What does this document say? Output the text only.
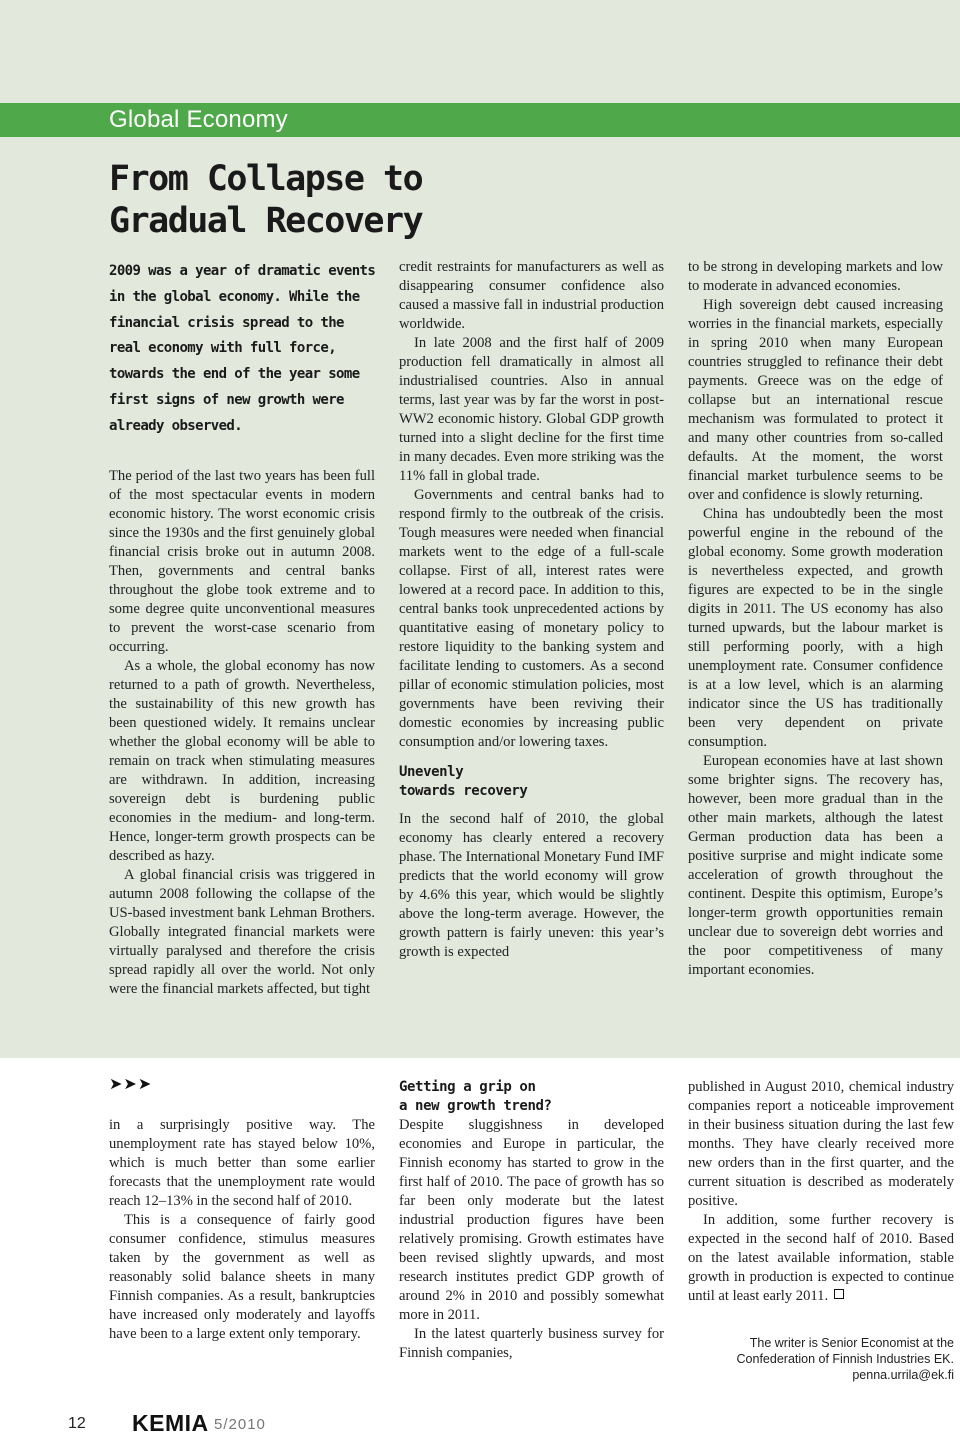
Global Economy
From Collapse to
Gradual Recovery
2009 was a year of dramatic events in the global economy. While the financial crisis spread to the real economy with full force, towards the end of the year some first signs of new growth were already observed.

The period of the last two years has been full of the most spectacular events in modern economic history. The worst economic crisis since the 1930s and the first genuinely global financial crisis broke out in autumn 2008. Then, governments and central banks throughout the globe took extreme and to some degree quite unconventional measures to prevent the worst-case scenario from occurring.

As a whole, the global economy has now returned to a path of growth. Nevertheless, the sustainability of this new growth has been questioned widely. It remains unclear whether the global economy will be able to remain on track when stimulating measures are withdrawn. In addition, increasing sovereign debt is burdening public economies in the medium- and long-term. Hence, longer-term growth prospects can be described as hazy.

A global financial crisis was triggered in autumn 2008 following the collapse of the US-based investment bank Lehman Brothers. Globally integrated financial markets were virtually paralysed and therefore the crisis spread rapidly all over the world. Not only were the financial markets affected, but tight

credit restraints for manufacturers as well as disappearing consumer confidence also caused a massive fall in industrial production worldwide.

In late 2008 and the first half of 2009 production fell dramatically in almost all industrialised countries. Also in annual terms, last year was by far the worst in post-WW2 economic history. Global GDP growth turned into a slight decline for the first time in many decades. Even more striking was the 11% fall in global trade.

Governments and central banks had to respond firmly to the outbreak of the crisis. Tough measures were needed when financial markets went to the edge of a full-scale collapse. First of all, interest rates were lowered at a record pace. In addition to this, central banks took unprecedented actions by quantitative easing of monetary policy to restore liquidity to the banking system and facilitate lending to customers. As a second pillar of economic stimulation policies, most governments have been reviving their domestic economies by increasing public consumption and/or lowering taxes.

Unevenly
towards recovery

In the second half of 2010, the global economy has clearly entered a recovery phase. The International Monetary Fund IMF predicts that the world economy will grow by 4.6% this year, which would be slightly above the long-term average. However, the growth pattern is fairly uneven: this year’s growth is expected

to be strong in developing markets and low to moderate in advanced economies.

High sovereign debt caused increasing worries in the financial markets, especially in spring 2010 when many European countries struggled to refinance their debt payments. Greece was on the edge of collapse but an international rescue mechanism was formulated to protect it and many other countries from so-called defaults. At the moment, the worst financial market turbulence seems to be over and confidence is slowly returning.

China has undoubtedly been the most powerful engine in the rebound of the global economy. Some growth moderation is nevertheless expected, and growth figures are expected to be in the single digits in 2011. The US economy has also turned upwards, but the labour market is still performing poorly, with a high unemployment rate. Consumer confidence is at a low level, which is an alarming indicator since the US has traditionally been very dependent on private consumption.

European economies have at last shown some brighter signs. The recovery has, however, been more gradual than in the other main markets, although the latest German production data has been a positive surprise and might indicate some acceleration of growth throughout the continent. Despite this optimism, Europe’s longer-term growth opportunities remain unclear due to sovereign debt worries and the poor competitiveness of many important economies.

➤➤➤

in a surprisingly positive way. The unemployment rate has stayed below 10%, which is much better than some earlier forecasts that the unemployment rate would reach 12–13% in the second half of 2010.

This is a consequence of fairly good consumer confidence, stimulus measures taken by the government as well as reasonably solid balance sheets in many Finnish companies. As a result, bankruptcies have increased only moderately and layoffs have been to a large extent only temporary.

Getting a grip on
a new growth trend?

Despite sluggishness in developed economies and Europe in particular, the Finnish economy has started to grow in the first half of 2010. The pace of growth has so far been only moderate but the latest industrial production figures have been relatively promising. Growth estimates have been revised slightly upwards, and most research institutes predict GDP growth of around 2% in 2010 and possibly somewhat more in 2011.

In the latest quarterly business survey for Finnish companies,

published in August 2010, chemical industry companies report a noticeable improvement in their business situation during the last few months. They have clearly received more new orders than in the first quarter, and the current situation is described as moderately positive.

In addition, some further recovery is expected in the second half of 2010. Based on the latest available information, stable growth in production is expected to continue until at least early 2011.

The writer is Senior Economist at the
Confederation of Finnish Industries EK.
penna.urrila@ek.fi
12 KEMIA 5/2010
